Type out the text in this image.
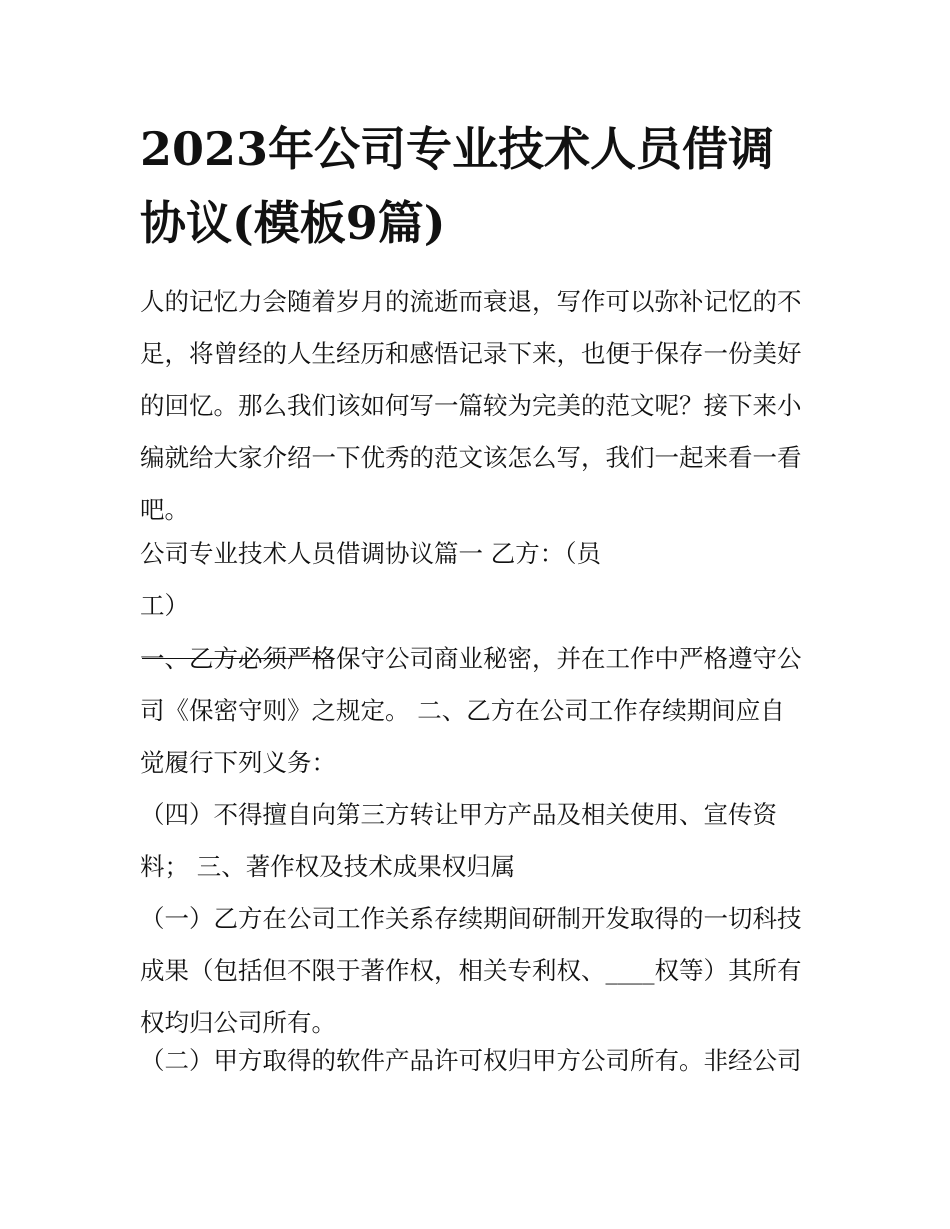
2023年公司专业技术人员借调
协议(模板9篇)
人的记忆力会随着岁月的流逝而衰退，写作可以弥补记忆的不
足，将曾经的人生经历和感悟记录下来，也便于保存一份美好
的回忆。那么我们该如何写一篇较为完美的范文呢？接下来小
编就给大家介绍一下优秀的范文该怎么写，我们一起来看一看
吧。
公司专业技术人员借调协议篇一 乙方：（员
工）
一、乙方必须严格保守公司商业秘密，并在工作中严格遵守公
司《保密守则》之规定。 二、乙方在公司工作存续期间应自
觉履行下列义务：
（四）不得擅自向第三方转让甲方产品及相关使用、宣传资
料； 三、著作权及技术成果权归属
（一）乙方在公司工作关系存续期间研制开发取得的一切科技
成果（包括但不限于著作权，相关专利权、____权等）其所有
权均归公司所有。
（二）甲方取得的软件产品许可权归甲方公司所有。非经公司
